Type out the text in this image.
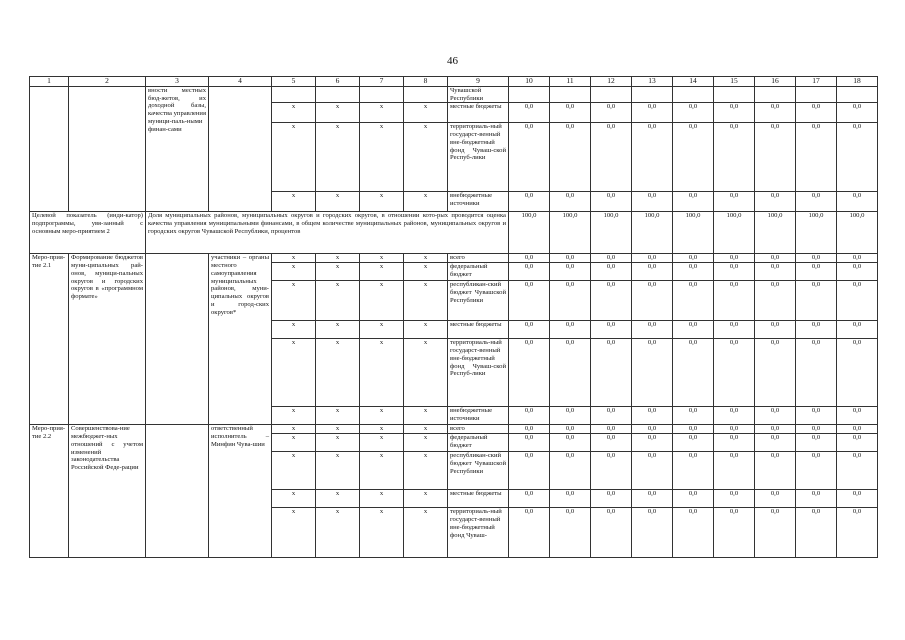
46
1	2	3	4	5	6	7	8	9	10	11	12	13	14	15	16	17	18
		вности местных бюд-жетов, их доходной базы, качества управления муници-паль-ными финан-сами						Чувашской Республики									
				x	x	x	x	местные бюджеты	0,0	0,0	0,0	0,0	0,0	0,0	0,0	0,0	0,0
				x	x	x	x	территориаль-ный государст-венный вне-бюджетный фонд Чуваш-ской Респуб-лики	0,0	0,0	0,0	0,0	0,0	0,0	0,0	0,0	0,0
				x	x	x	x	внебюджетные источники	0,0	0,0	0,0	0,0	0,0	0,0	0,0	0,0	0,0
Целевой показатель (инди-катор) подпрограммы, увя-занный с основным меро-приятием 2		Доля муниципальных районов, муниципальных округов и городских округов, в отношении кото-рых проводится оценка качества управления муниципальными финансами, в общем количестве муниципальных районов, муниципальных округов и городских округов Чувашской Республики, процентов							100,0	100,0	100,0	100,0	100,0	100,0	100,0	100,0	100,0
Меро-прия-тие 2.1	Формирование бюджетов муни-ципальных рай-онов, муници-пальных округов и городских округов в «программном формате»		участники – органы местного самоуправления муниципальных районов, муни-ципальных округов и город-ских округов*	x	x	x	x	всего	0,0	0,0	0,0	0,0	0,0	0,0	0,0	0,0	0,0
				x	x	x	x	федеральный бюджет	0,0	0,0	0,0	0,0	0,0	0,0	0,0	0,0	0,0
				x	x	x	x	республикан-ский бюджет Чувашской Республики	0,0	0,0	0,0	0,0	0,0	0,0	0,0	0,0	0,0
				x	x	x	x	местные бюджеты	0,0	0,0	0,0	0,0	0,0	0,0	0,0	0,0	0,0
				x	x	x	x	территориаль-ный государст-венный вне-бюджетный фонд Чуваш-ской Респуб-лики	0,0	0,0	0,0	0,0	0,0	0,0	0,0	0,0	0,0
				x	x	x	x	внебюджетные источники	0,0	0,0	0,0	0,0	0,0	0,0	0,0	0,0	0,0
Меро-прия-тие 2.2	Совершенствова-ние межбюджет-ных отношений с учетом изменений законодательства Российской Феде-рации		ответственный исполнитель – Минфин Чува-шии	x	x	x	x	всего	0,0	0,0	0,0	0,0	0,0	0,0	0,0	0,0	0,0
				x	x	x	x	федеральный бюджет	0,0	0,0	0,0	0,0	0,0	0,0	0,0	0,0	0,0
				x	x	x	x	республикан-ский бюджет Чувашской Республики	0,0	0,0	0,0	0,0	0,0	0,0	0,0	0,0	0,0
				x	x	x	x	местные бюджеты	0,0	0,0	0,0	0,0	0,0	0,0	0,0	0,0	0,0
				x	x	x	x	территориаль-ный государст-венный вне-бюджетный фонд Чуваш-	0,0	0,0	0,0	0,0	0,0	0,0	0,0	0,0	0,0
